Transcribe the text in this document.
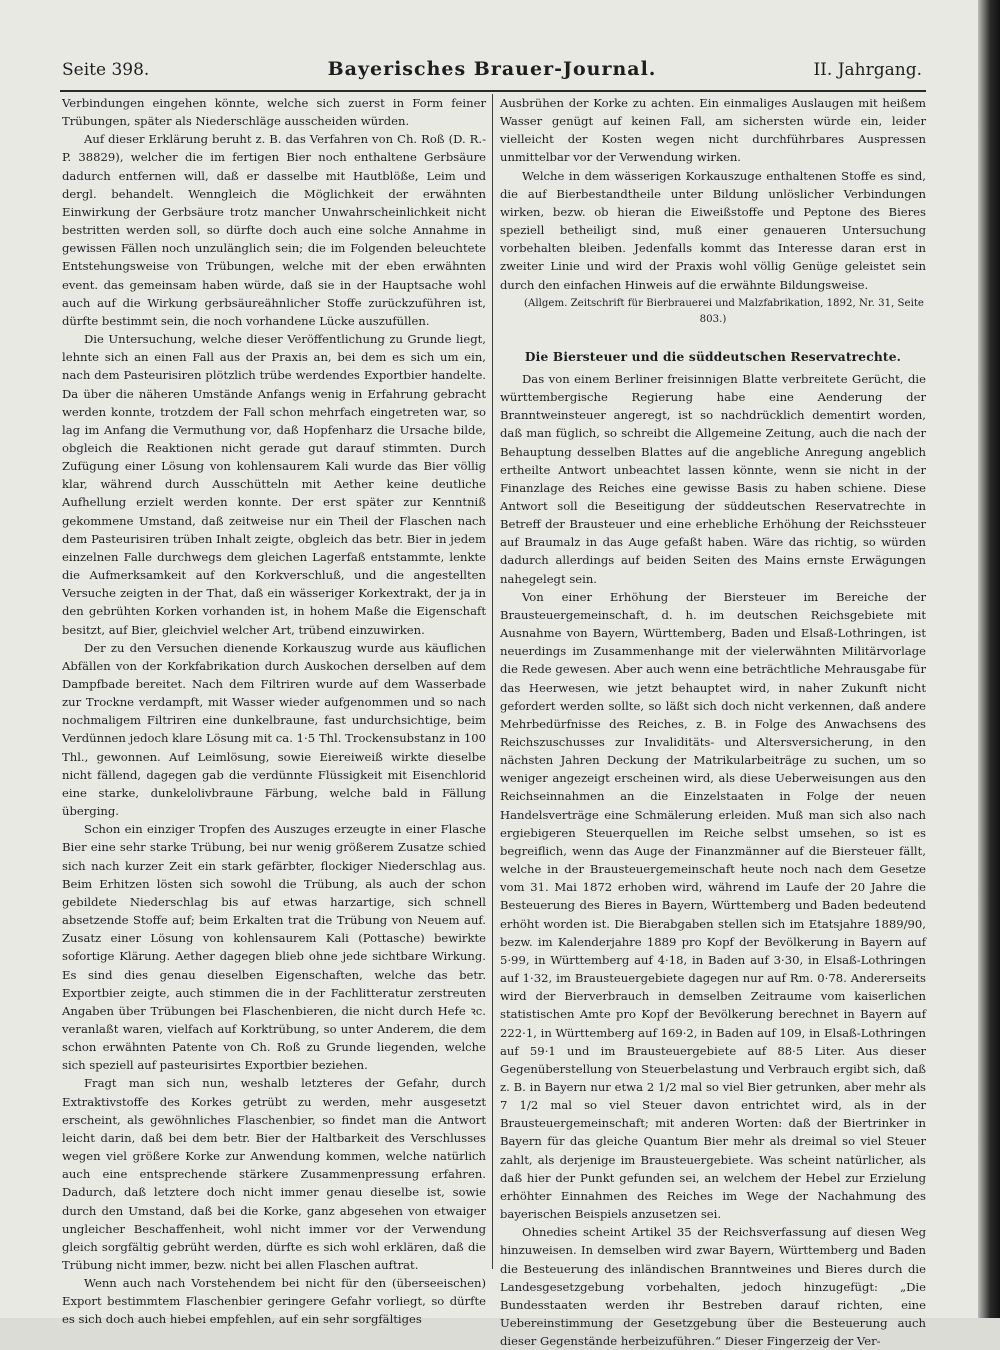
Seite 398.	Bayerisches Brauer-Journal.	II. Jahrgang.

Verbindungen eingehen könnte, welche sich zuerst in Form feiner Trübungen, später als Niederschläge ausscheiden würden.

Auf dieser Erklärung beruht z. B. das Verfahren von Ch. Roß (D. R.-P. 38829), welcher die im fertigen Bier noch enthaltene Gerbsäure dadurch entfernen will, daß er dasselbe mit Hautblöße, Leim und dergl. behandelt. Wenngleich die Möglichkeit der erwähnten Einwirkung der Gerbsäure trotz mancher Unwahrscheinlichkeit nicht bestritten werden soll, so dürfte doch auch eine solche Annahme in gewissen Fällen noch unzulänglich sein; die im Folgenden beleuchtete Entstehungsweise von Trübungen, welche mit der eben erwähnten event. das gemeinsam haben würde, daß sie in der Hauptsache wohl auch auf die Wirkung gerbsäureähnlicher Stoffe zurückzuführen ist, dürfte bestimmt sein, die noch vorhandene Lücke auszufüllen.

Die Untersuchung, welche dieser Veröffentlichung zu Grunde liegt, lehnte sich an einen Fall aus der Praxis an, bei dem es sich um ein, nach dem Pasteurisiren plötzlich trübe werdendes Exportbier handelte. Da über die näheren Umstände Anfangs wenig in Erfahrung gebracht werden konnte, trotzdem der Fall schon mehrfach eingetreten war, so lag im Anfang die Vermuthung vor, daß Hopfenharz die Ursache bilde, obgleich die Reaktionen nicht gerade gut darauf stimmten. Durch Zufügung einer Lösung von kohlensaurem Kali wurde das Bier völlig klar, während durch Ausschütteln mit Aether keine deutliche Aufhellung erzielt werden konnte. Der erst später zur Kenntniß gekommene Umstand, daß zeitweise nur ein Theil der Flaschen nach dem Pasteurisiren trüben Inhalt zeigte, obgleich das betr. Bier in jedem einzelnen Falle durchwegs dem gleichen Lagerfaß entstammte, lenkte die Aufmerksamkeit auf den Korkverschluß, und die angestellten Versuche zeigten in der That, daß ein wässeriger Korkextrakt, der ja in den gebrühten Korken vorhanden ist, in hohem Maße die Eigenschaft besitzt, auf Bier, gleichviel welcher Art, trübend einzuwirken.

Der zu den Versuchen dienende Korkauszug wurde aus käuflichen Abfällen von der Korkfabrikation durch Auskochen derselben auf dem Dampfbade bereitet. Nach dem Filtriren wurde auf dem Wasserbade zur Trockne verdampft, mit Wasser wieder aufgenommen und so nach nochmaligem Filtriren eine dunkelbraune, fast undurchsichtige, beim Verdünnen jedoch klare Lösung mit ca. 1·5 Thl. Trockensubstanz in 100 Thl., gewonnen. Auf Leimlösung, sowie Eiereiweiß wirkte dieselbe nicht fällend, dagegen gab die verdünnte Flüssigkeit mit Eisenchlorid eine starke, dunkelolivbraune Färbung, welche bald in Fällung überging.

Schon ein einziger Tropfen des Auszuges erzeugte in einer Flasche Bier eine sehr starke Trübung, bei nur wenig größerem Zusatze schied sich nach kurzer Zeit ein stark gefärbter, flockiger Niederschlag aus. Beim Erhitzen lösten sich sowohl die Trübung, als auch der schon gebildete Niederschlag bis auf etwas harzartige, sich schnell absetzende Stoffe auf; beim Erkalten trat die Trübung von Neuem auf. Zusatz einer Lösung von kohlensaurem Kali (Pottasche) bewirkte sofortige Klärung. Aether dagegen blieb ohne jede sichtbare Wirkung. Es sind dies genau dieselben Eigenschaften, welche das betr. Exportbier zeigte, auch stimmen die in der Fachlitteratur zerstreuten Angaben über Trübungen bei Flaschenbieren, die nicht durch Hefe ꝛc. veranlaßt waren, vielfach auf Korktrübung, so unter Anderem, die dem schon erwähnten Patente von Ch. Roß zu Grunde liegenden, welche sich speziell auf pasteurisirtes Exportbier beziehen.

Fragt man sich nun, weshalb letzteres der Gefahr, durch Extraktivstoffe des Korkes getrübt zu werden, mehr ausgesetzt erscheint, als gewöhnliches Flaschenbier, so findet man die Antwort leicht darin, daß bei dem betr. Bier der Haltbarkeit des Verschlusses wegen viel größere Korke zur Anwendung kommen, welche natürlich auch eine entsprechende stärkere Zusammenpressung erfahren. Dadurch, daß letztere doch nicht immer genau dieselbe ist, sowie durch den Umstand, daß bei die Korke, ganz abgesehen von etwaiger ungleicher Beschaffenheit, wohl nicht immer vor der Verwendung gleich sorgfältig gebrüht werden, dürfte es sich wohl erklären, daß die Trübung nicht immer, bezw. nicht bei allen Flaschen auftrat.

Wenn auch nach Vorstehendem bei nicht für den (überseeischen) Export bestimmtem Flaschenbier geringere Gefahr vorliegt, so dürfte es sich doch auch hiebei empfehlen, auf ein sehr sorgfältiges

Ausbrühen der Korke zu achten. Ein einmaliges Auslaugen mit heißem Wasser genügt auf keinen Fall, am sichersten würde ein, leider vielleicht der Kosten wegen nicht durchführbares Auspressen unmittelbar vor der Verwendung wirken.

Welche in dem wässerigen Korkauszuge enthaltenen Stoffe es sind, die auf Bierbestandtheile unter Bildung unlöslicher Verbindungen wirken, bezw. ob hieran die Eiweißstoffe und Peptone des Bieres speziell betheiligt sind, muß einer genaueren Untersuchung vorbehalten bleiben. Jedenfalls kommt das Interesse daran erst in zweiter Linie und wird der Praxis wohl völlig Genüge geleistet sein durch den einfachen Hinweis auf die erwähnte Bildungsweise.

(Allgem. Zeitschrift für Bierbrauerei und Malzfabrikation, 1892, Nr. 31, Seite 803.)

Die Biersteuer und die süddeutschen Reservatrechte.

Das von einem Berliner freisinnigen Blatte verbreitete Gerücht, die württembergische Regierung habe eine Aenderung der Branntweinsteuer angeregt, ist so nachdrücklich dementirt worden, daß man füglich, so schreibt die Allgemeine Zeitung, auch die nach der Behauptung desselben Blattes auf die angebliche Anregung angeblich ertheilte Antwort unbeachtet lassen könnte, wenn sie nicht in der Finanzlage des Reiches eine gewisse Basis zu haben schiene. Diese Antwort soll die Beseitigung der süddeutschen Reservatrechte in Betreff der Brausteuer und eine erhebliche Erhöhung der Reichssteuer auf Braumalz in das Auge gefaßt haben. Wäre das richtig, so würden dadurch allerdings auf beiden Seiten des Mains ernste Erwägungen nahegelegt sein.

Von einer Erhöhung der Biersteuer im Bereiche der Brausteuergemeinschaft, d. h. im deutschen Reichsgebiete mit Ausnahme von Bayern, Württemberg, Baden und Elsaß-Lothringen, ist neuerdings im Zusammenhange mit der vielerwähnten Militärvorlage die Rede gewesen. Aber auch wenn eine beträchtliche Mehrausgabe für das Heerwesen, wie jetzt behauptet wird, in naher Zukunft nicht gefordert werden sollte, so läßt sich doch nicht verkennen, daß andere Mehrbedürfnisse des Reiches, z. B. in Folge des Anwachsens des Reichszuschusses zur Invaliditäts- und Altersversicherung, in den nächsten Jahren Deckung der Matrikularbeiträge zu suchen, um so weniger angezeigt erscheinen wird, als diese Ueberweisungen aus den Reichseinnahmen an die Einzelstaaten in Folge der neuen Handelsverträge eine Schmälerung erleiden. Muß man sich also nach ergiebigeren Steuerquellen im Reiche selbst umsehen, so ist es begreiflich, wenn das Auge der Finanzmänner auf die Biersteuer fällt, welche in der Brausteuergemeinschaft heute noch nach dem Gesetze vom 31. Mai 1872 erhoben wird, während im Laufe der 20 Jahre die Besteuerung des Bieres in Bayern, Württemberg und Baden bedeutend erhöht worden ist. Die Bierabgaben stellen sich im Etatsjahre 1889/90, bezw. im Kalenderjahre 1889 pro Kopf der Bevölkerung in Bayern auf 5·99, in Württemberg auf 4·18, in Baden auf 3·30, in Elsaß-Lothringen auf 1·32, im Brausteuergebiete dagegen nur auf Rm. 0·78. Andererseits wird der Bierverbrauch in demselben Zeitraume vom kaiserlichen statistischen Amte pro Kopf der Bevölkerung berechnet in Bayern auf 222·1, in Württemberg auf 169·2, in Baden auf 109, in Elsaß-Lothringen auf 59·1 und im Brausteuergebiete auf 88·5 Liter. Aus dieser Gegenüberstellung von Steuerbelastung und Verbrauch ergibt sich, daß z. B. in Bayern nur etwa 2 1/2 mal so viel Bier getrunken, aber mehr als 7 1/2 mal so viel Steuer davon entrichtet wird, als in der Brausteuergemeinschaft; mit anderen Worten: daß der Biertrinker in Bayern für das gleiche Quantum Bier mehr als dreimal so viel Steuer zahlt, als derjenige im Brausteuergebiete. Was scheint natürlicher, als daß hier der Punkt gefunden sei, an welchem der Hebel zur Erzielung erhöhter Einnahmen des Reiches im Wege der Nachahmung des bayerischen Beispiels anzusetzen sei.

Ohnedies scheint Artikel 35 der Reichsverfassung auf diesen Weg hinzuweisen. In demselben wird zwar Bayern, Württemberg und Baden die Besteuerung des inländischen Branntweines und Bieres durch die Landesgesetzgebung vorbehalten, jedoch hinzugefügt: „Die Bundesstaaten werden ihr Bestreben darauf richten, eine Uebereinstimmung der Gesetzgebung über die Besteuerung auch dieser Gegenstände herbeizuführen.“ Dieser Fingerzeig der Ver-
